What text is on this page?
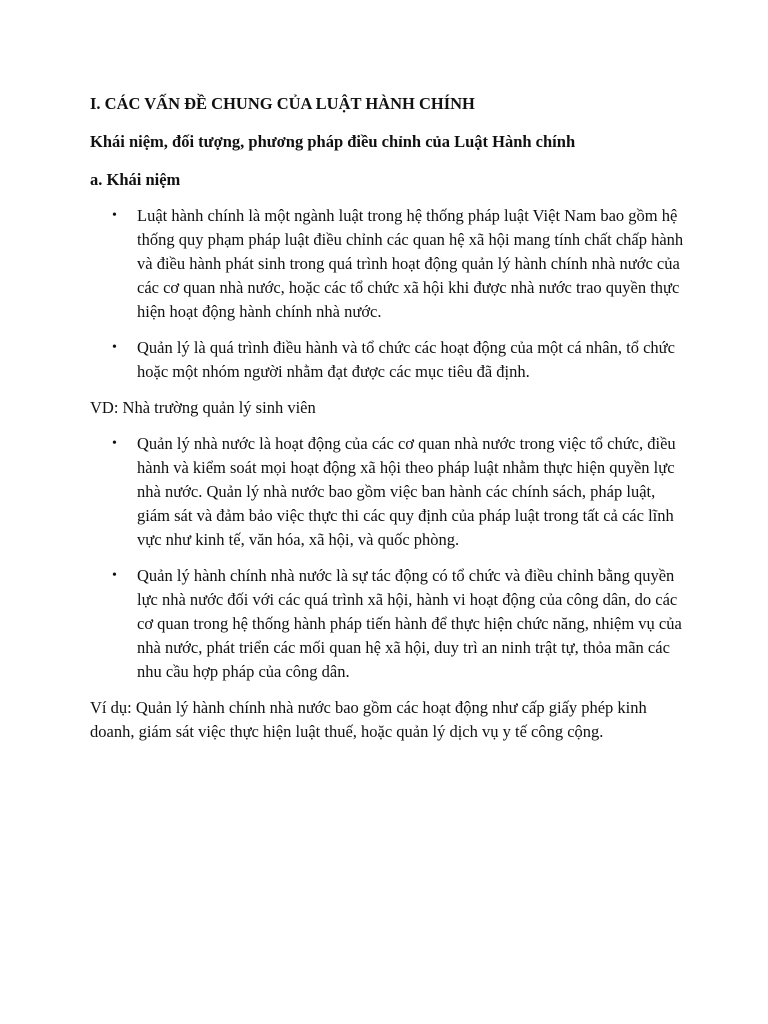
I. CÁC VẤN ĐỀ CHUNG CỦA LUẬT HÀNH CHÍNH

Khái niệm, đối tượng, phương pháp điều chỉnh của Luật Hành chính

a. Khái niệm

• Luật hành chính là một ngành luật trong hệ thống pháp luật Việt Nam bao gồm hệ thống quy phạm pháp luật điều chỉnh các quan hệ xã hội mang tính chất chấp hành và điều hành phát sinh trong quá trình hoạt động quản lý hành chính nhà nước của các cơ quan nhà nước, hoặc các tổ chức xã hội khi được nhà nước trao quyền thực hiện hoạt động hành chính nhà nước.
• Quản lý là quá trình điều hành và tổ chức các hoạt động của một cá nhân, tổ chức hoặc một nhóm người nhằm đạt được các mục tiêu đã định.

VD: Nhà trường quản lý sinh viên

• Quản lý nhà nước là hoạt động của các cơ quan nhà nước trong việc tổ chức, điều hành và kiểm soát mọi hoạt động xã hội theo pháp luật nhằm thực hiện quyền lực nhà nước. Quản lý nhà nước bao gồm việc ban hành các chính sách, pháp luật, giám sát và đảm bảo việc thực thi các quy định của pháp luật trong tất cả các lĩnh vực như kinh tế, văn hóa, xã hội, và quốc phòng.
• Quản lý hành chính nhà nước là sự tác động có tổ chức và điều chỉnh bằng quyền lực nhà nước đối với các quá trình xã hội, hành vi hoạt động của công dân, do các cơ quan trong hệ thống hành pháp tiến hành để thực hiện chức năng, nhiệm vụ của nhà nước, phát triển các mối quan hệ xã hội, duy trì an ninh trật tự, thỏa mãn các nhu cầu hợp pháp của công dân.

Ví dụ: Quản lý hành chính nhà nước bao gồm các hoạt động như cấp giấy phép kinh doanh, giám sát việc thực hiện luật thuế, hoặc quản lý dịch vụ y tế công cộng.
